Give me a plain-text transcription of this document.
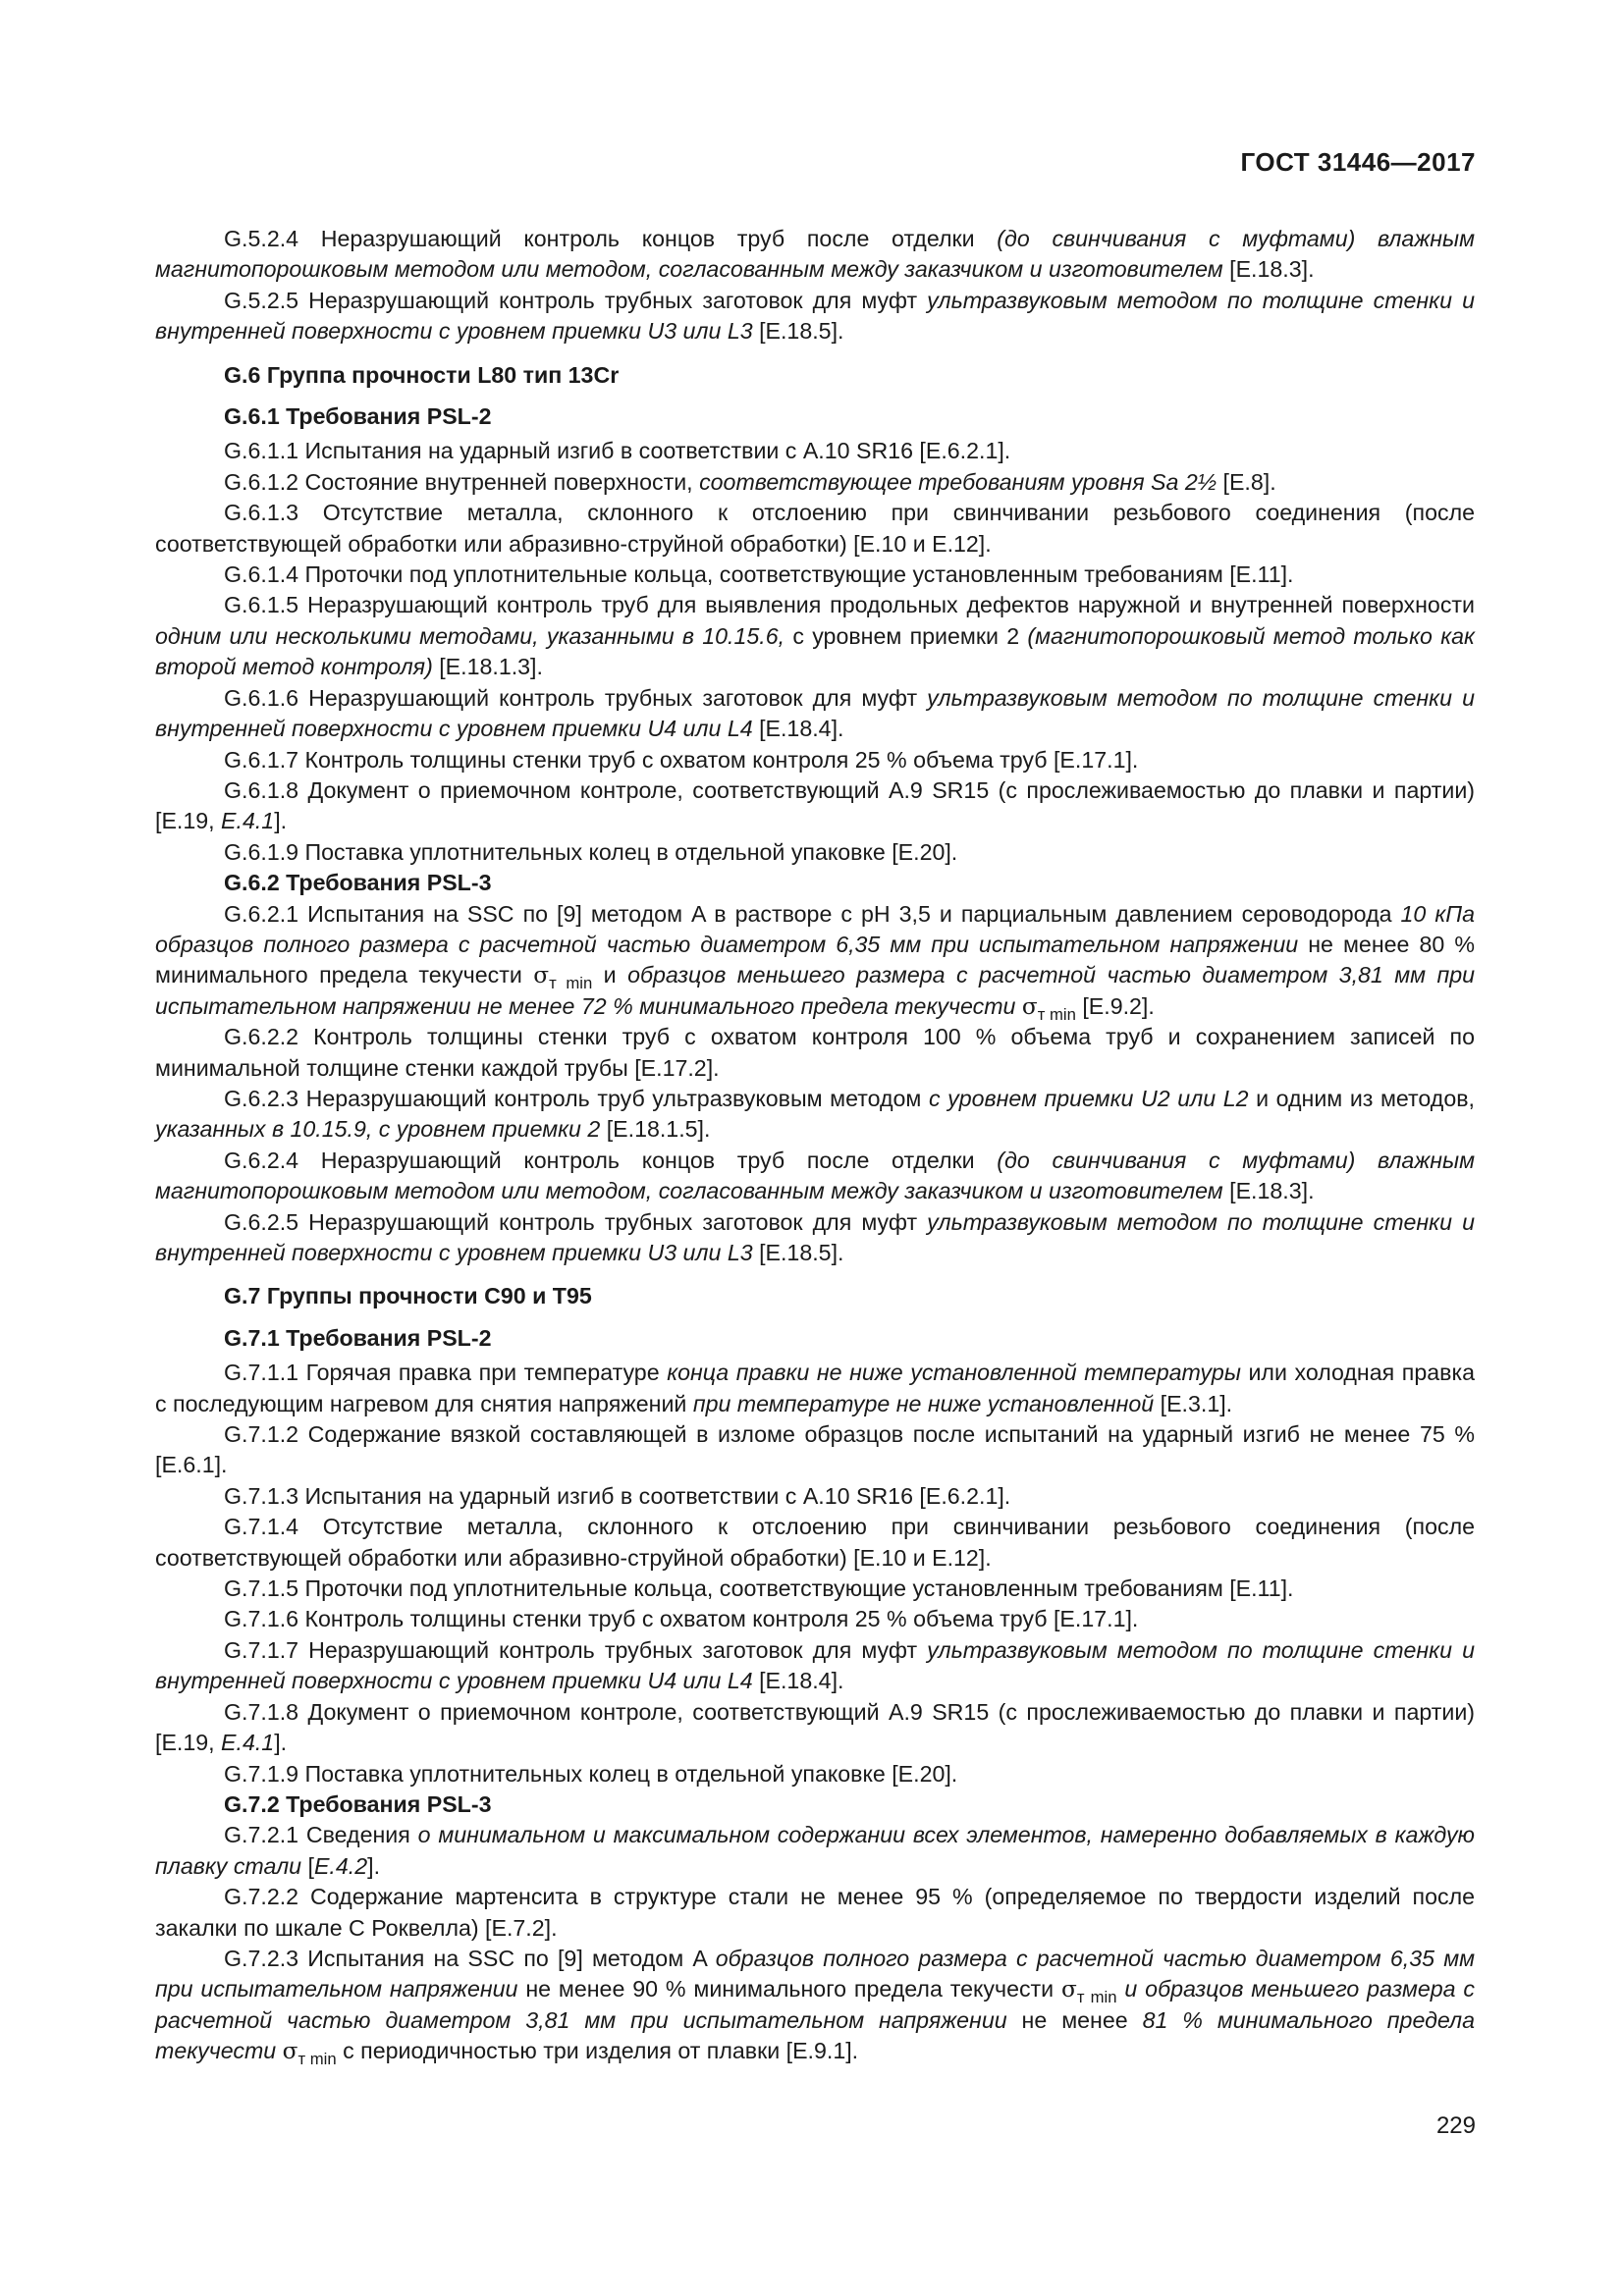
ГОСТ 31446—2017

G.5.2.4 Неразрушающий контроль концов труб после отделки (до свинчивания с муфтами) влажным магнитопорошковым методом или методом, согласованным между заказчиком и изготовителем [E.18.3].

G.5.2.5 Неразрушающий контроль трубных заготовок для муфт ультразвуковым методом по толщине стенки и внутренней поверхности с уровнем приемки U3 или L3 [E.18.5].

G.6 Группа прочности L80 тип 13Cr

G.6.1 Требования PSL-2

G.6.1.1 Испытания на ударный изгиб в соответствии с A.10 SR16 [E.6.2.1].

G.6.1.2 Состояние внутренней поверхности, соответствующее требованиям уровня Sa 2½ [E.8].

G.6.1.3 Отсутствие металла, склонного к отслоению при свинчивании резьбового соединения (после соответствующей обработки или абразивно-струйной обработки) [E.10 и E.12].

G.6.1.4 Проточки под уплотнительные кольца, соответствующие установленным требованиям [E.11].

G.6.1.5 Неразрушающий контроль труб для выявления продольных дефектов наружной и внутренней поверхности одним или несколькими методами, указанными в 10.15.6, с уровнем приемки 2 (магнитопорошковый метод только как второй метод контроля) [E.18.1.3].

G.6.1.6 Неразрушающий контроль трубных заготовок для муфт ультразвуковым методом по толщине стенки и внутренней поверхности с уровнем приемки U4 или L4 [E.18.4].

G.6.1.7 Контроль толщины стенки труб с охватом контроля 25 % объема труб [E.17.1].

G.6.1.8 Документ о приемочном контроле, соответствующий A.9 SR15 (с прослеживаемостью до плавки и партии) [E.19, E.4.1].

G.6.1.9 Поставка уплотнительных колец в отдельной упаковке [E.20].

G.6.2 Требования PSL-3

G.6.2.1 Испытания на SSC по [9] методом A в растворе с pH 3,5 и парциальным давлением сероводорода 10 кПа образцов полного размера с расчетной частью диаметром 6,35 мм при испытательном напряжении не менее 80 % минимального предела текучести $\sigma_{т min}$ и образцов меньшего размера с расчетной частью диаметром 3,81 мм при испытательном напряжении не менее 72 % минимального предела текучести $\sigma_{т min}$ [E.9.2].

G.6.2.2 Контроль толщины стенки труб с охватом контроля 100 % объема труб и сохранением записей по минимальной толщине стенки каждой трубы [E.17.2].

G.6.2.3 Неразрушающий контроль труб ультразвуковым методом с уровнем приемки U2 или L2 и одним из методов, указанных в 10.15.9, с уровнем приемки 2 [E.18.1.5].

G.6.2.4 Неразрушающий контроль концов труб после отделки (до свинчивания с муфтами) влажным магнитопорошковым методом или методом, согласованным между заказчиком и изготовителем [E.18.3].

G.6.2.5 Неразрушающий контроль трубных заготовок для муфт ультразвуковым методом по толщине стенки и внутренней поверхности с уровнем приемки U3 или L3 [E.18.5].

G.7 Группы прочности C90 и T95

G.7.1 Требования PSL-2

G.7.1.1 Горячая правка при температуре конца правки не ниже установленной температуры или холодная правка с последующим нагревом для снятия напряжений при температуре не ниже установленной [E.3.1].

G.7.1.2 Содержание вязкой составляющей в изломе образцов после испытаний на ударный изгиб не менее 75 % [E.6.1].

G.7.1.3 Испытания на ударный изгиб в соответствии с A.10 SR16 [E.6.2.1].

G.7.1.4 Отсутствие металла, склонного к отслоению при свинчивании резьбового соединения (после соответствующей обработки или абразивно-струйной обработки) [E.10 и E.12].

G.7.1.5 Проточки под уплотнительные кольца, соответствующие установленным требованиям [E.11].

G.7.1.6 Контроль толщины стенки труб с охватом контроля 25 % объема труб [E.17.1].

G.7.1.7 Неразрушающий контроль трубных заготовок для муфт ультразвуковым методом по толщине стенки и внутренней поверхности с уровнем приемки U4 или L4 [E.18.4].

G.7.1.8 Документ о приемочном контроле, соответствующий A.9 SR15 (с прослеживаемостью до плавки и партии) [E.19, E.4.1].

G.7.1.9 Поставка уплотнительных колец в отдельной упаковке [E.20].

G.7.2 Требования PSL-3

G.7.2.1 Сведения о минимальном и максимальном содержании всех элементов, намеренно добавляемых в каждую плавку стали [E.4.2].

G.7.2.2 Содержание мартенсита в структуре стали не менее 95 % (определяемое по твердости изделий после закалки по шкале C Роквелла) [E.7.2].

G.7.2.3 Испытания на SSC по [9] методом A образцов полного размера с расчетной частью диаметром 6,35 мм при испытательном напряжении не менее 90 % минимального предела текучести $\sigma_{т min}$ и образцов меньшего размера с расчетной частью диаметром 3,81 мм при испытательном напряжении не менее 81 % минимального предела текучести $\sigma_{т min}$ с периодичностью три изделия от плавки [E.9.1].

229
